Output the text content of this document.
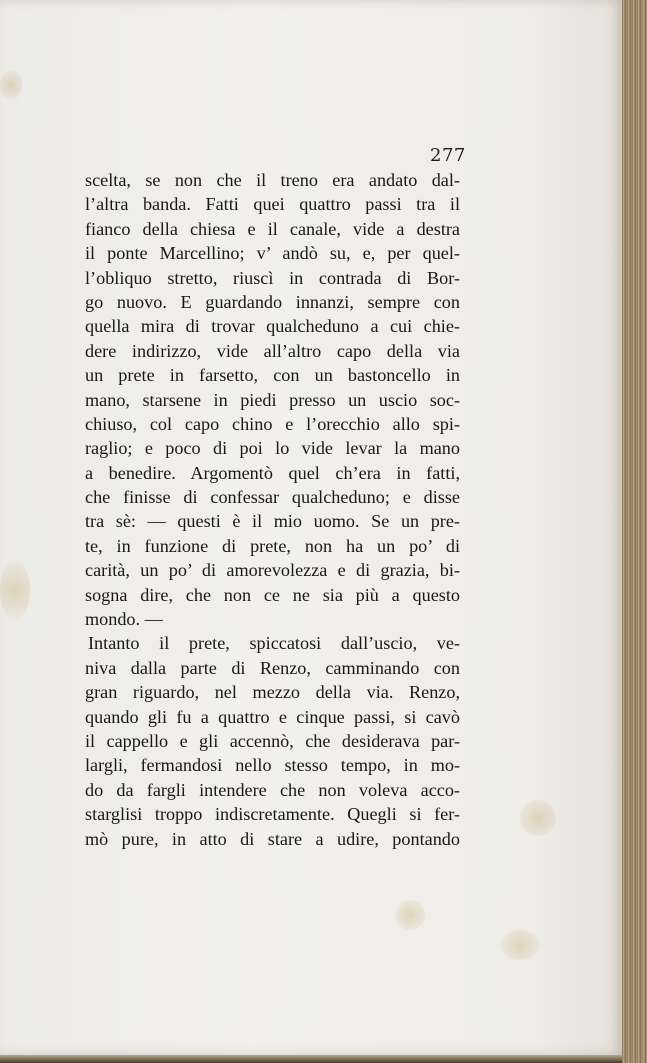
277
scelta, se non che il treno era andato dal-
l’altra banda. Fatti quei quattro passi tra il
fianco della chiesa e il canale, vide a destra
il ponte Marcellino; v’ andò su, e, per quel-
l’obliquo stretto, riuscì in contrada di Bor-
go nuovo. E guardando innanzi, sempre con
quella mira di trovar qualcheduno a cui chie-
dere indirizzo, vide all’altro capo della via
un prete in farsetto, con un bastoncello in
mano, starsene in piedi presso un uscio soc-
chiuso, col capo chino e l’orecchio allo spi-
raglio; e poco di poi lo vide levar la mano
a benedire. Argomentò quel ch’era in fatti,
che finisse di confessar qualcheduno; e disse
tra sè: — questi è il mio uomo. Se un pre-
te, in funzione di prete, non ha un po’ di
carità, un po’ di amorevolezza e di grazia, bi-
sogna dire, che non ce ne sia più a questo
mondo. —
Intanto il prete, spiccatosi dall’uscio, ve-
niva dalla parte di Renzo, camminando con
gran riguardo, nel mezzo della via. Renzo,
quando gli fu a quattro e cinque passi, si cavò
il cappello e gli accennò, che desiderava par-
largli, fermandosi nello stesso tempo, in mo-
do da fargli intendere che non voleva acco-
starglisi troppo indiscretamente. Quegli si fer-
mò pure, in atto di stare a udire, pontando
